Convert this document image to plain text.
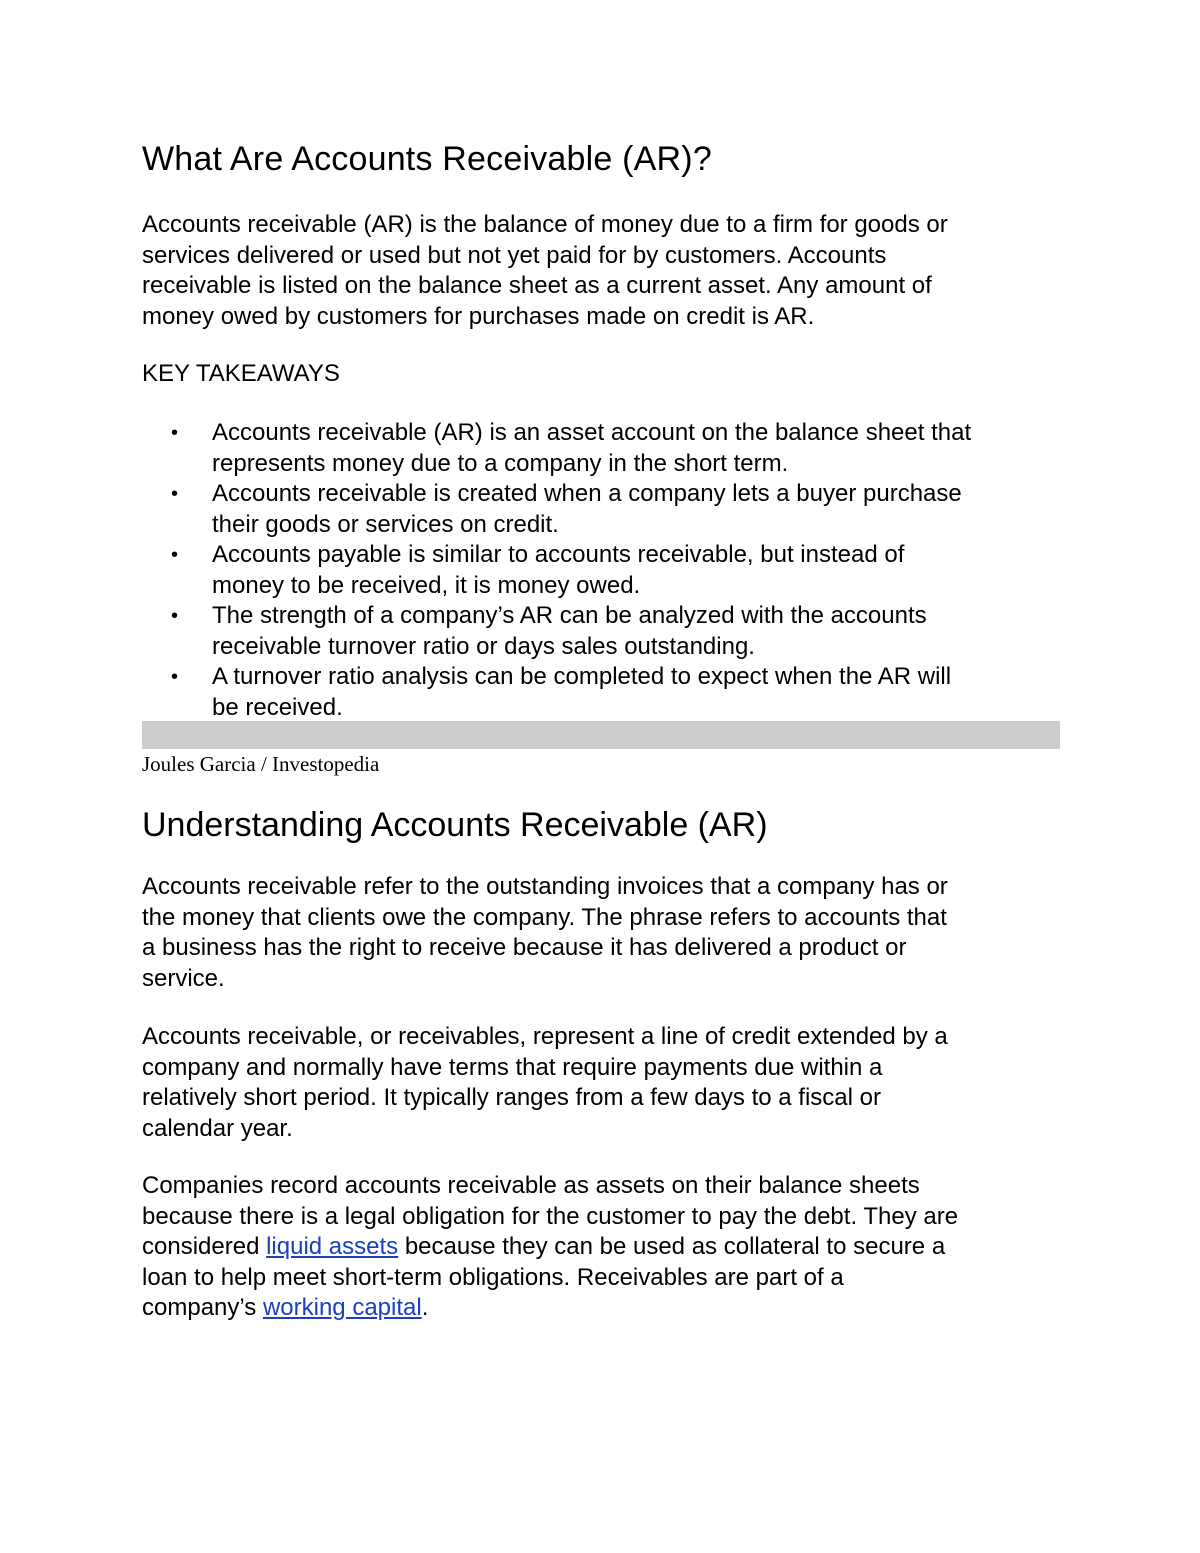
What Are Accounts Receivable (AR)?
Accounts receivable (AR) is the balance of money due to a firm for goods or
services delivered or used but not yet paid for by customers. Accounts
receivable is listed on the balance sheet as a current asset. Any amount of
money owed by customers for purchases made on credit is AR.

KEY TAKEAWAYS

• Accounts receivable (AR) is an asset account on the balance sheet that
represents money due to a company in the short term.
• Accounts receivable is created when a company lets a buyer purchase
their goods or services on credit.
• Accounts payable is similar to accounts receivable, but instead of
money to be received, it is money owed.
• The strength of a company’s AR can be analyzed with the accounts
receivable turnover ratio or days sales outstanding.
• A turnover ratio analysis can be completed to expect when the AR will
be received.

Joules Garcia / Investopedia

Understanding Accounts Receivable (AR)
Accounts receivable refer to the outstanding invoices that a company has or
the money that clients owe the company. The phrase refers to accounts that
a business has the right to receive because it has delivered a product or
service.
Accounts receivable, or receivables, represent a line of credit extended by a
company and normally have terms that require payments due within a
relatively short period. It typically ranges from a few days to a fiscal or
calendar year.
Companies record accounts receivable as assets on their balance sheets
because there is a legal obligation for the customer to pay the debt. They are
considered liquid assets because they can be used as collateral to secure a
loan to help meet short-term obligations. Receivables are part of a
company’s working capital.
